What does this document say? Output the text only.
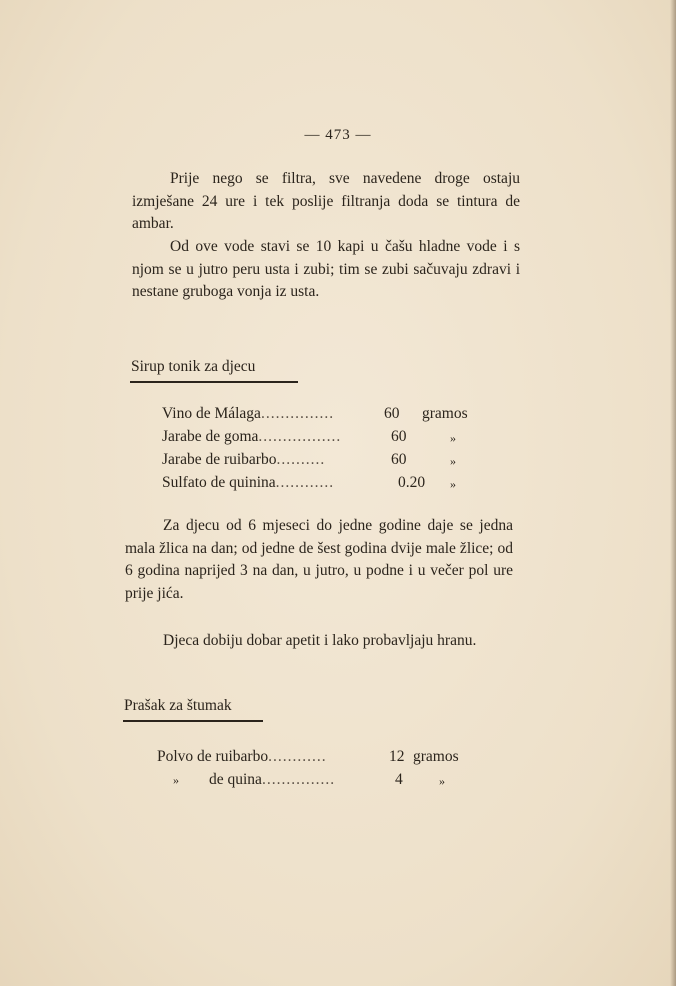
— 473 —

Prije nego se filtra, sve navedene droge ostaju izmješane 24 ure i tek poslije filtranja doda se tintura de ambar.

Od ove vode stavi se 10 kapi u čašu hladne vode i s njom se u jutro peru usta i zubi; tim se zubi sačuvaju zdravi i nestane gruboga vonja iz usta.

Sirup tonik za djecu
Vino de Málaga...............	60 gramos
Jarabe de goma.................	60	»
Jarabe de ruibarbo..........	60	»
Sulfato de quinina............	0.20 »

Za djecu od 6 mjeseci do jedne godine daje se jedna mala žlica na dan; od jedne de šest godina dvije male žlice; od 6 godina naprijed 3 na dan, u jutro, u podne i u večer pol ure prije jića.

Djeca dobiju dobar apetit i lako probavljaju hranu.

Prašak za štumak
Polvo de ruibarbo............	12 gramos
» de quina...............	4	»
